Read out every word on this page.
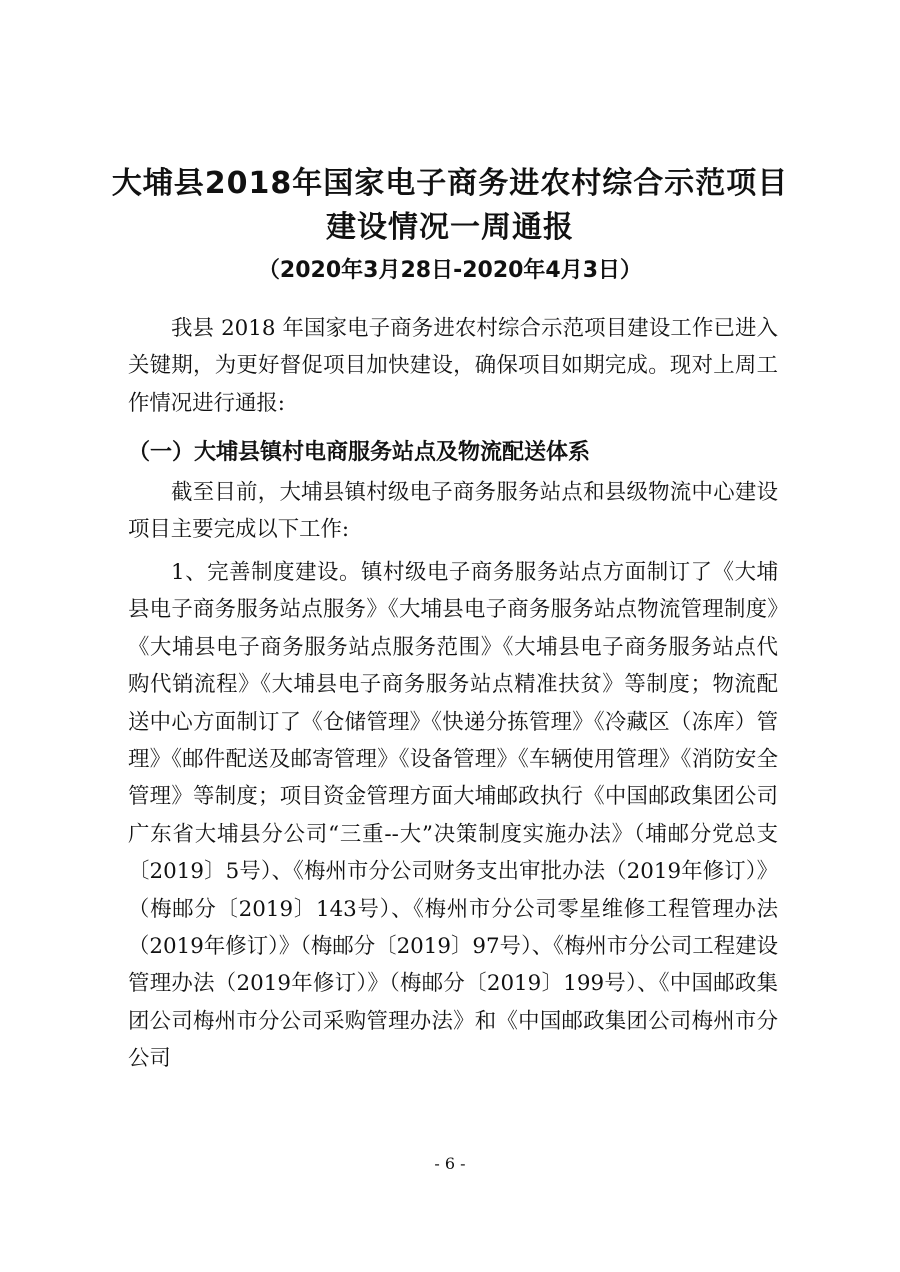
大埔县2018年国家电子商务进农村综合示范项目
建设情况一周通报
（2020年3月28日-2020年4月3日）

我县 2018 年国家电子商务进农村综合示范项目建设工作已进入关键期，为更好督促项目加快建设，确保项目如期完成。现对上周工作情况进行通报:

（一）大埔县镇村电商服务站点及物流配送体系

截至目前，大埔县镇村级电子商务服务站点和县级物流中心建设项目主要完成以下工作:

1、完善制度建设。镇村级电子商务服务站点方面制订了《大埔县电子商务服务站点服务》《大埔县电子商务服务站点物流管理制度》《大埔县电子商务服务站点服务范围》《大埔县电子商务服务站点代购代销流程》《大埔县电子商务服务站点精准扶贫》等制度；物流配送中心方面制订了《仓储管理》《快递分拣管理》《冷藏区（冻库）管理》《邮件配送及邮寄管理》《设备管理》《车辆使用管理》《消防安全管理》等制度；项目资金管理方面大埔邮政执行《中国邮政集团公司广东省大埔县分公司“三重--大”决策制度实施办法》（埔邮分党总支〔2019〕5号）、《梅州市分公司财务支出审批办法（2019年修订）》（梅邮分〔2019〕143号）、《梅州市分公司零星维修工程管理办法（2019年修订）》（梅邮分〔2019〕97号）、《梅州市分公司工程建设管理办法（2019年修订）》（梅邮分〔2019〕199号）、《中国邮政集团公司梅州市分公司采购管理办法》和《中国邮政集团公司梅州市分公司

- 6 -
